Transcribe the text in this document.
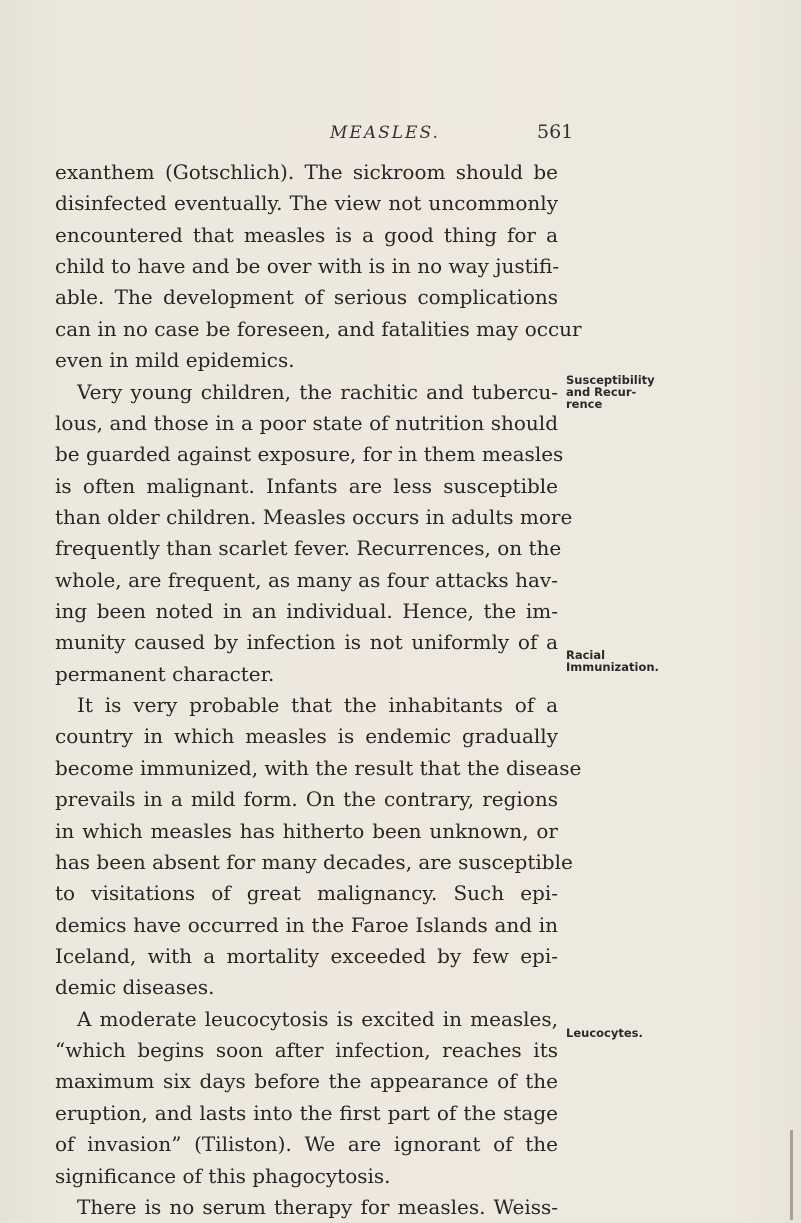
MEASLES.	561
exanthem (Gotschlich). The sickroom should be
disinfected eventually. The view not uncommonly
encountered that measles is a good thing for a
child to have and be over with is in no way justifi-
able. The development of serious complications
can in no case be foreseen, and fatalities may occur
even in mild epidemics.
Very young children, the rachitic and tubercu-
lous, and those in a poor state of nutrition should
be guarded against exposure, for in them measles
is often malignant. Infants are less susceptible
than older children. Measles occurs in adults more
frequently than scarlet fever. Recurrences, on the
whole, are frequent, as many as four attacks hav-
ing been noted in an individual. Hence, the im-
munity caused by infection is not uniformly of a
permanent character.
It is very probable that the inhabitants of a
country in which measles is endemic gradually
become immunized, with the result that the disease
prevails in a mild form. On the contrary, regions
in which measles has hitherto been unknown, or
has been absent for many decades, are susceptible
to visitations of great malignancy. Such epi-
demics have occurred in the Faroe Islands and in
Iceland, with a mortality exceeded by few epi-
demic diseases.
A moderate leucocytosis is excited in measles,
“which begins soon after infection, reaches its
maximum six days before the appearance of the
eruption, and lasts into the first part of the stage
of invasion” (Tiliston). We are ignorant of the
significance of this phagocytosis.
There is no serum therapy for measles. Weiss-
Susceptibility
and Recur-
rence
Racial
Immunization.
Leucocytes.
